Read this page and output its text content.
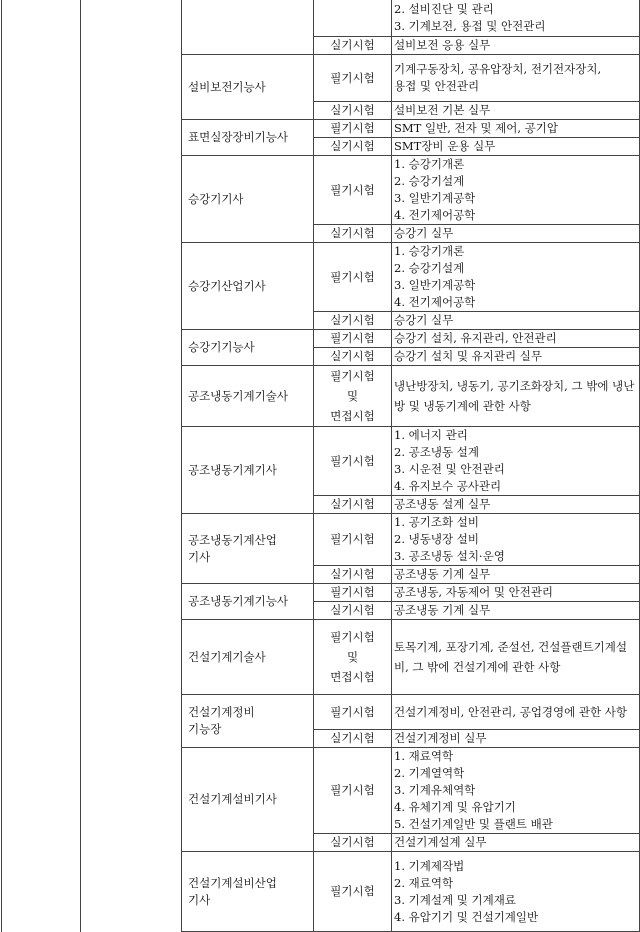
				2. 설비진단 및 관리
3. 기계보전, 용접 및 안전관리

			실기시험	설비보전 응용 실무

		설비보전기능사	필기시험	기계구동장치, 공유압장치, 전기전자장치,
용접 및 안전관리

			실기시험	설비보전 기본 실무

		표면실장장비기능사	필기시험	SMT 일반, 전자 및 제어, 공기압

			실기시험	SMT장비 운용 실무

		승강기기사	필기시험	1. 승강기개론
2. 승강기설계
3. 일반기계공학
4. 전기제어공학

			실기시험	승강기 실무

		승강기산업기사	필기시험	1. 승강기개론
2. 승강기설계
3. 일반기계공학
4. 전기제어공학

			실기시험	승강기 실무

		승강기기능사	필기시험	승강기 설치, 유지관리, 안전관리

			실기시험	승강기 설치 및 유지관리 실무

		공조냉동기계기술사	필기시험
및
면접시험	냉난방장치, 냉동기, 공기조화장치, 그 밖에 냉난방 및 냉동기계에 관한 사항

		공조냉동기계기사	필기시험	1. 에너지 관리
2. 공조냉동 설계
3. 시운전 및 안전관리
4. 유지보수 공사관리

			실기시험	공조냉동 설계 실무

		공조냉동기계산업
기사	필기시험	1. 공기조화 설비
2. 냉동냉장 설비
3. 공조냉동 설치·운영

			실기시험	공조냉동 기계 실무

		공조냉동기계기능사	필기시험	공조냉동, 자동제어 및 안전관리

			실기시험	공조냉동 기계 실무

		건설기계기술사	필기시험
및
면접시험	토목기계, 포장기계, 준설선, 건설플랜트기계설비, 그 밖에 건설기계에 관한 사항

		건설기계정비
기능장	필기시험	건설기계정비, 안전관리, 공업경영에 관한 사항

			실기시험	건설기계정비 실무

		건설기계설비기사	필기시험	1. 재료역학
2. 기계열역학
3. 기계유체역학
4. 유체기계 및 유압기기
5. 건설기계일반 및 플랜트 배관

			실기시험	건설기계설계 실무

		건설기계설비산업
기사	필기시험	1. 기계제작법
2. 재료역학
3. 기계설계 및 기계재료
4. 유압기기 및 건설기계일반
